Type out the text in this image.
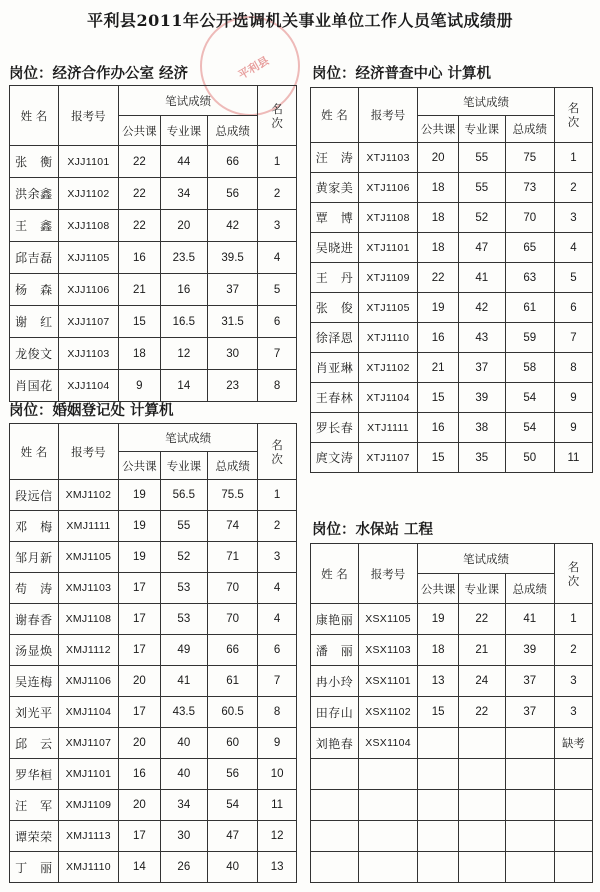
平利县
平利县2011年公开选调机关事业单位工作人员笔试成绩册
岗位：经济合作办公室 经济
姓 名	报考号	笔试成绩			名
次
		公共课	专业课	总成绩	
张　衡	XJJ1101	22	44	66	1
洪余鑫	XJJ1102	22	34	56	2
王　鑫	XJJ1108	22	20	42	3
邱吉磊	XJJ1105	16	23.5	39.5	4
杨　森	XJJ1106	21	16	37	5
谢　红	XJJ1107	15	16.5	31.5	6
龙俊文	XJJ1103	18	12	30	7
肖国花	XJJ1104	9	14	23	8
岗位：婚姻登记处 计算机
姓 名	报考号	笔试成绩			名
次
		公共课	专业课	总成绩	
段远信	XMJ1102	19	56.5	75.5	1
邓　梅	XMJ1111	19	55	74	2
邹月新	XMJ1105	19	52	71	3
苟　涛	XMJ1103	17	53	70	4
谢春香	XMJ1108	17	53	70	4
汤显焕	XMJ1112	17	49	66	6
吴连梅	XMJ1106	20	41	61	7
刘光平	XMJ1104	17	43.5	60.5	8
邱　云	XMJ1107	20	40	60	9
罗华桓	XMJ1101	16	40	56	10
汪　军	XMJ1109	20	34	54	11
谭荣荣	XMJ1113	17	30	47	12
丁　丽	XMJ1110	14	26	40	13
岗位：经济普查中心 计算机
姓 名	报考号	笔试成绩			名
次
		公共课	专业课	总成绩	
汪　涛	XTJ1103	20	55	75	1
黄家美	XTJ1106	18	55	73	2
覃　博	XTJ1108	18	52	70	3
吴晓进	XTJ1101	18	47	65	4
王　丹	XTJ1109	22	41	63	5
张　俊	XTJ1105	19	42	61	6
徐泽恩	XTJ1110	16	43	59	7
肖亚琳	XTJ1102	21	37	58	8
王春林	XTJ1104	15	39	54	9
罗长春	XTJ1111	16	38	54	9
庹文涛	XTJ1107	15	35	50	11
岗位：水保站 工程
姓 名	报考号	笔试成绩			名
次
		公共课	专业课	总成绩	
康艳丽	XSX1105	19	22	41	1
潘　丽	XSX1103	18	21	39	2
冉小玲	XSX1101	13	24	37	3
田存山	XSX1102	15	22	37	3
刘艳春	XSX1104				缺考
